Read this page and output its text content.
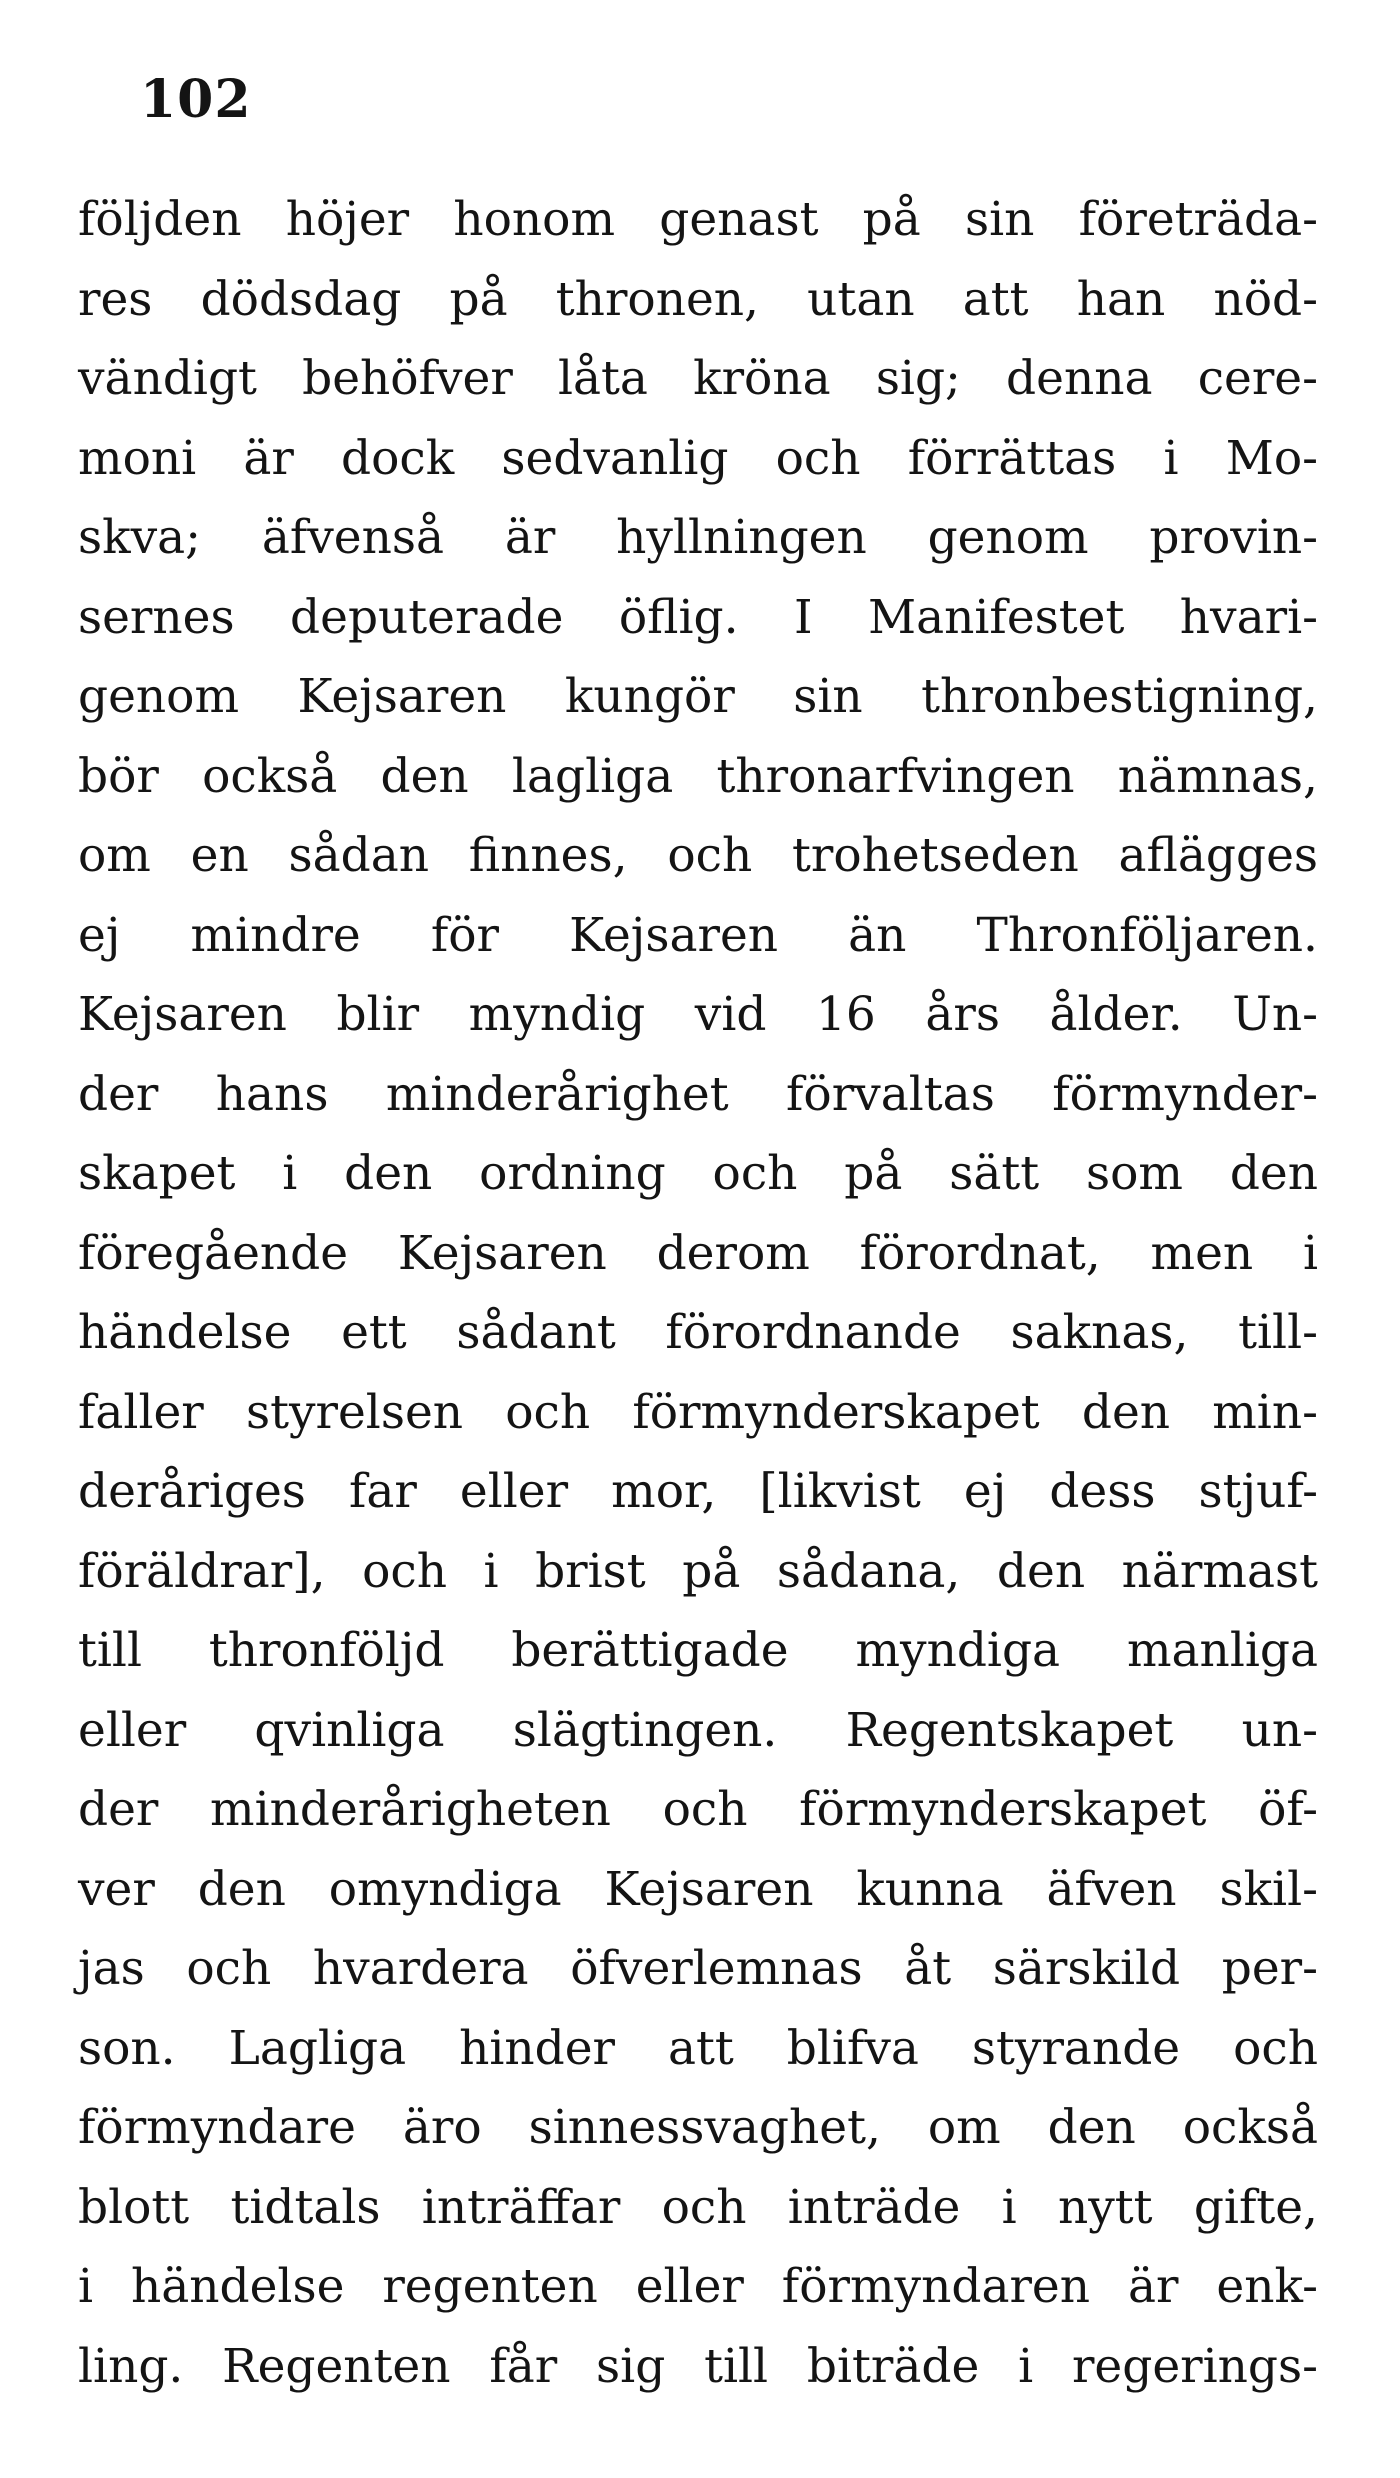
102
följden höjer honom genast på sin företräda-
res dödsdag på thronen, utan att han nöd-
vändigt behöfver låta kröna sig; denna cere-
moni är dock sedvanlig och förrättas i Mo-
skva; äfvenså är hyllningen genom provin-
sernes deputerade öflig. I Manifestet hvari-
genom Kejsaren kungör sin thronbestigning,
bör också den lagliga thronarfvingen nämnas,
om en sådan finnes, och trohetseden aflägges
ej mindre för Kejsaren än Thronföljaren.
Kejsaren blir myndig vid 16 års ålder. Un-
der hans minderårighet förvaltas förmynder-
skapet i den ordning och på sätt som den
föregående Kejsaren derom förordnat, men i
händelse ett sådant förordnande saknas, till-
faller styrelsen och förmynderskapet den min-
deråriges far eller mor, [likvist ej dess stjuf-
föräldrar], och i brist på sådana, den närmast
till thronföljd berättigade myndiga manliga
eller qvinliga slägtingen. Regentskapet un-
der minderårigheten och förmynderskapet öf-
ver den omyndiga Kejsaren kunna äfven skil-
jas och hvardera öfverlemnas åt särskild per-
son. Lagliga hinder att blifva styrande och
förmyndare äro sinnessvaghet, om den också
blott tidtals inträffar och inträde i nytt gifte,
i händelse regenten eller förmyndaren är enk-
ling. Regenten får sig till biträde i regerings-
